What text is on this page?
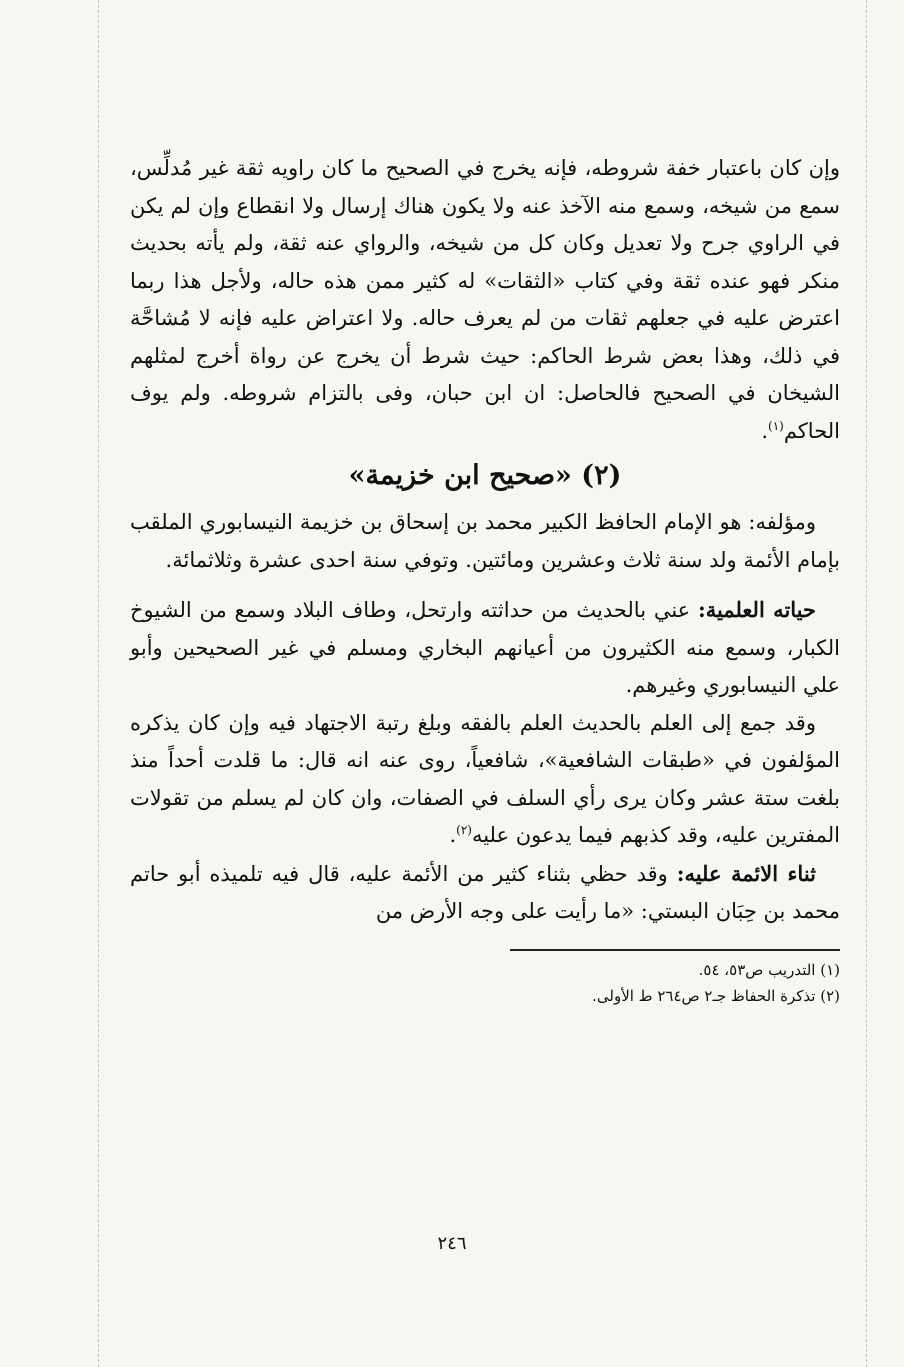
وإن كان باعتبار خفة شروطه، فإنه يخرج في الصحيح ما كان راويه ثقة غير مُدلِّس، سمع من شيخه، وسمع منه الآخذ عنه ولا يكون هناك إرسال ولا انقطاع وإن لم يكن في الراوي جرح ولا تعديل وكان كل من شيخه، والرواي عنه ثقة، ولم يأته بحديث منكر فهو عنده ثقة وفي كتاب «الثقات» له كثير ممن هذه حاله، ولأجل هذا ربما اعترض عليه في جعلهم ثقات من لم يعرف حاله. ولا اعتراض عليه فإنه لا مُشاحَّة في ذلك، وهذا بعض شرط الحاكم: حيث شرط أن يخرج عن رواة أخرج لمثلهم الشيخان في الصحيح فالحاصل: ان ابن حبان، وفى بالتزام شروطه. ولم يوف الحاكم$^{(١)}$.

(٢) «صحيح ابن خزيمة»

ومؤلفه: هو الإمام الحافظ الكبير محمد بن إسحاق بن خزيمة النيسابوري الملقب بإمام الأئمة ولد سنة ثلاث وعشرين ومائتين. وتوفي سنة احدى عشرة وثلاثمائة.

حياته العلمية: عني بالحديث من حداثته وارتحل، وطاف البلاد وسمع من الشيوخ الكبار، وسمع منه الكثيرون من أعيانهم البخاري ومسلم في غير الصحيحين وأبو علي النيسابوري وغيرهم.

وقد جمع إلى العلم بالحديث العلم بالفقه وبلغ رتبة الاجتهاد فيه وإن كان يذكره المؤلفون في «طبقات الشافعية»، شافعياً، روى عنه انه قال: ما قلدت أحداً منذ بلغت ستة عشر وكان يرى رأي السلف في الصفات، وان كان لم يسلم من تقولات المفترين عليه، وقد كذبهم فيما يدعون عليه$^{(٢)}$.

ثناء الائمة عليه: وقد حظي بثناء كثير من الأئمة عليه، قال فيه تلميذه أبو حاتم محمد بن حِبَان البستي: «ما رأيت على وجه الأرض من

(١) التدريب ص٥٣، ٥٤.

(٢) تذكرة الحفاظ جـ٢ ص٢٦٤ ط الأولى.

٢٤٦
